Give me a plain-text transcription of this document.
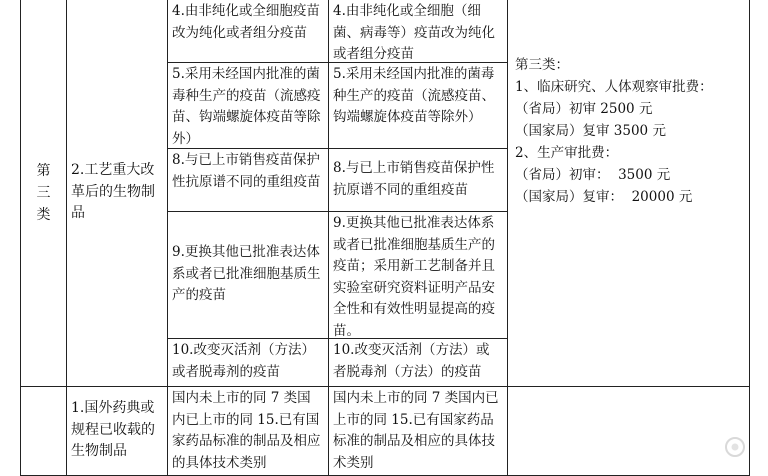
第三类
2.工艺重大改革后的生物制品
4.由非纯化或全细胞疫苗改为纯化或者组分疫苗
4.由非纯化或全细胞（细菌、病毒等）疫苗改为纯化或者组分疫苗
5.采用未经国内批准的菌毒种生产的疫苗（流感疫苗、钩端螺旋体疫苗等除外）
5.采用未经国内批准的菌毒种生产的疫苗（流感疫苗、钩端螺旋体疫苗等除外）
8.与已上市销售疫苗保护性抗原谱不同的重组疫苗
8.与已上市销售疫苗保护性抗原谱不同的重组疫苗
9.更换其他已批准表达体系或者已批准细胞基质生产的疫苗
9.更换其他已批准表达体系或者已批准细胞基质生产的疫苗；采用新工艺制备并且实验室研究资料证明产品安全性和有效性明显提高的疫苗。
10.改变灭活剂（方法）或者脱毒剂的疫苗
10.改变灭活剂（方法）或者脱毒剂（方法）的疫苗
第三类：
1、临床研究、人体观察审批费：
（省局）初审 2500 元
（国家局）复审 3500 元
2、生产审批费：
（省局）初审：  3500 元
（国家局）复审：  20000 元
1.国外药典或规程已收载的生物制品
国内未上市的同 7 类国内已上市的同 15.已有国家药品标准的制品及相应的具体技术类别
国内未上市的同 7 类国内已上市的同 15.已有国家药品标准的制品及相应的具体技术类别
